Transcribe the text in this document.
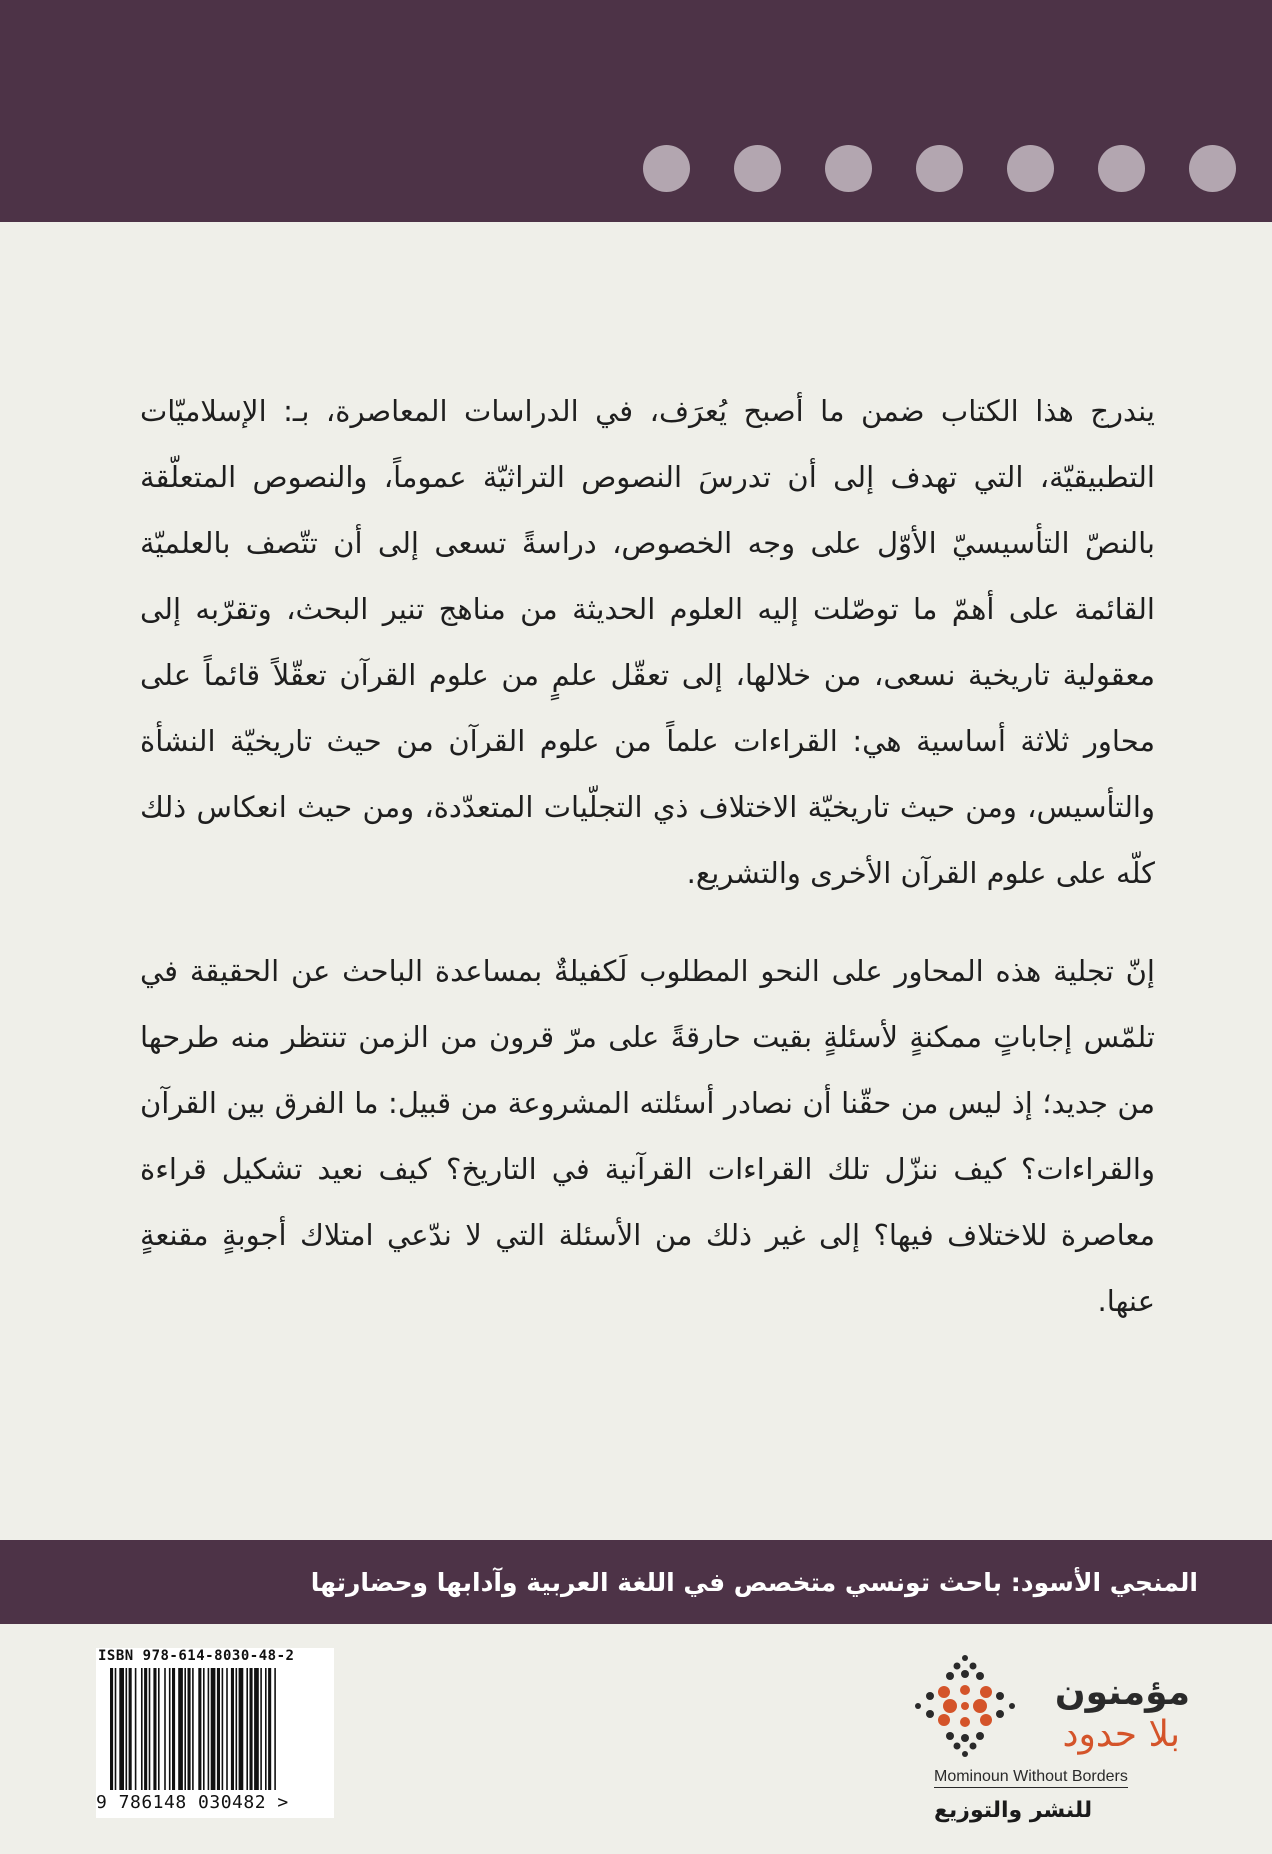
يندرج هذا الكتاب ضمن ما أصبح يُعرَف، في الدراسات المعاصرة، بـ: الإسلاميّات التطبيقيّة، التي تهدف إلى أن تدرسَ النصوص التراثيّة عموماً، والنصوص المتعلّقة بالنصّ التأسيسيّ الأوّل على وجه الخصوص، دراسةً تسعى إلى أن تتّصف بالعلميّة القائمة على أهمّ ما توصّلت إليه العلوم الحديثة من مناهج تنير البحث، وتقرّبه إلى معقولية تاريخية نسعى، من خلالها، إلى تعقّل علمٍ من علوم القرآن تعقّلاً قائماً على محاور ثلاثة أساسية هي: القراءات علماً من علوم القرآن من حيث تاريخيّة النشأة والتأسيس، ومن حيث تاريخيّة الاختلاف ذي التجلّيات المتعدّدة، ومن حيث انعكاس ذلك كلّه على علوم القرآن الأخرى والتشريع.

إنّ تجلية هذه المحاور على النحو المطلوب لَكفيلةٌ بمساعدة الباحث عن الحقيقة في تلمّس إجاباتٍ ممكنةٍ لأسئلةٍ بقيت حارقةً على مرّ قرون من الزمن تنتظر منه طرحها من جديد؛ إذ ليس من حقّنا أن نصادر أسئلته المشروعة من قبيل: ما الفرق بين القرآن والقراءات؟ كيف ننزّل تلك القراءات القرآنية في التاريخ؟ كيف نعيد تشكيل قراءة معاصرة للاختلاف فيها؟ إلى غير ذلك من الأسئلة التي لا ندّعي امتلاك أجوبةٍ مقنعةٍ عنها.

المنجي الأسود: باحث تونسي متخصص في اللغة العربية وآدابها وحضارتها
ISBN 978-614-8030-48-2
9 786148 030482 >
مؤمنون
بلا حدود
Mominoun Without Borders
للنشر والتوزيع
